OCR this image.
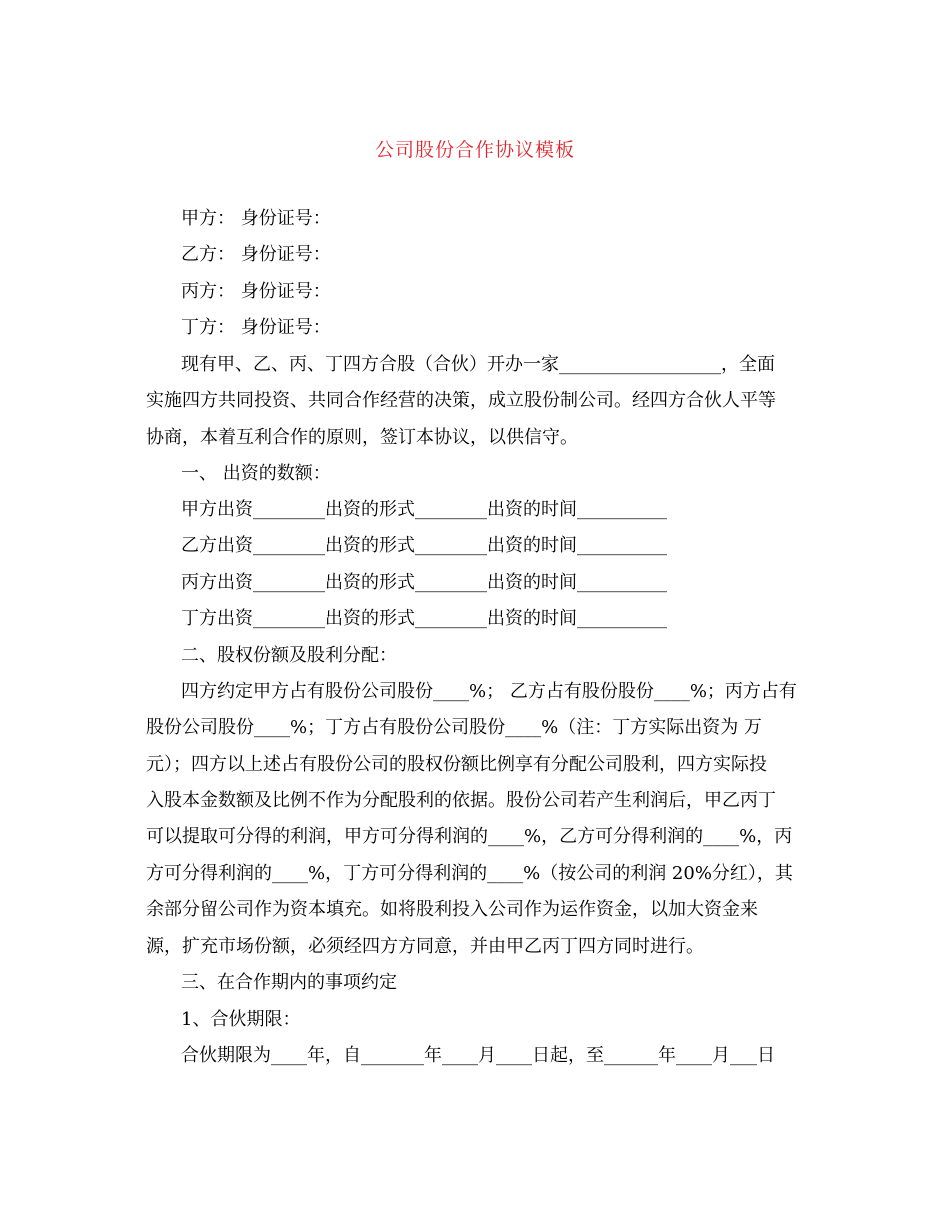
公司股份合作协议模板
甲方： 身份证号：
乙方： 身份证号：
丙方： 身份证号：
丁方： 身份证号：
现有甲、乙、丙、丁四方合股（合伙）开办一家__________________，全面
实施四方共同投资、共同合作经营的决策，成立股份制公司。经四方合伙人平等
协商，本着互利合作的原则，签订本协议，以供信守。
一、 出资的数额：
甲方出资________出资的形式________出资的时间__________
乙方出资________出资的形式________出资的时间__________
丙方出资________出资的形式________出资的时间__________
丁方出资________出资的形式________出资的时间__________
二、股权份额及股利分配：
四方约定甲方占有股份公司股份____%； 乙方占有股份股份____%；丙方占有
股份公司股份____%；丁方占有股份公司股份____%（注：丁方实际出资为 万
元）；四方以上述占有股份公司的股权份额比例享有分配公司股利，四方实际投
入股本金数额及比例不作为分配股利的依据。股份公司若产生利润后，甲乙丙丁
可以提取可分得的利润，甲方可分得利润的____%，乙方可分得利润的____%，丙
方可分得利润的____%，丁方可分得利润的____%（按公司的利润 20%分红），其
余部分留公司作为资本填充。如将股利投入公司作为运作资金，以加大资金来
源，扩充市场份额，必须经四方方同意，并由甲乙丙丁四方同时进行。
三、在合作期内的事项约定
1、合伙期限：
合伙期限为____年，自_______年____月____日起，至______年____月___日
